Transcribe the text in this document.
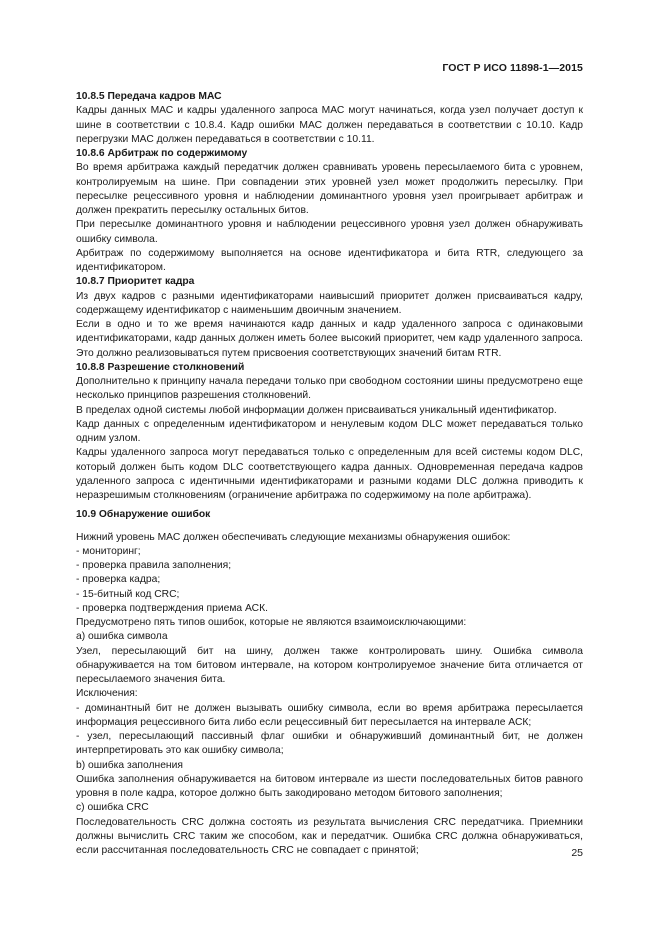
ГОСТ Р ИСО 11898-1—2015

10.8.5 Передача кадров МАС

Кадры данных МАС и кадры удаленного запроса МАС могут начинаться, когда узел получает доступ к шине в соответствии с 10.8.4. Кадр ошибки МАС должен передаваться в соответствии с 10.10. Кадр перегрузки МАС должен передаваться в соответствии с 10.11.

10.8.6 Арбитраж по содержимому

Во время арбитража каждый передатчик должен сравнивать уровень пересылаемого бита с уровнем, контролируемым на шине. При совпадении этих уровней узел может продолжить пересылку. При пересылке рецессивного уровня и наблюдении доминантного уровня узел проигрывает арбитраж и должен прекратить пересылку остальных битов.

При пересылке доминантного уровня и наблюдении рецессивного уровня узел должен обнаруживать ошибку символа.

Арбитраж по содержимому выполняется на основе идентификатора и бита RTR, следующего за идентификатором.

10.8.7 Приоритет кадра

Из двух кадров с разными идентификаторами наивысший приоритет должен присваиваться кадру, содержащему идентификатор с наименьшим двоичным значением.

Если в одно и то же время начинаются кадр данных и кадр удаленного запроса с одинаковыми идентификаторами, кадр данных должен иметь более высокий приоритет, чем кадр удаленного запроса. Это должно реализовываться путем присвоения соответствующих значений битам RTR.

10.8.8 Разрешение столкновений

Дополнительно к принципу начала передачи только при свободном состоянии шины предусмотрено еще несколько принципов разрешения столкновений.

В пределах одной системы любой информации должен присваиваться уникальный идентификатор.

Кадр данных с определенным идентификатором и ненулевым кодом DLC может передаваться только одним узлом.

Кадры удаленного запроса могут передаваться только с определенным для всей системы кодом DLC, который должен быть кодом DLC соответствующего кадра данных. Одновременная передача кадров удаленного запроса с идентичными идентификаторами и разными кодами DLC должна приводить к неразрешимым столкновениям (ограничение арбитража по содержимому на поле арбитража).

10.9 Обнаружение ошибок

Нижний уровень МАС должен обеспечивать следующие механизмы обнаружения ошибок:

- мониторинг;

- проверка правила заполнения;

- проверка кадра;

- 15-битный код CRC;

- проверка подтверждения приема АСК.

Предусмотрено пять типов ошибок, которые не являются взаимоисключающими:

а) ошибка символа

Узел, пересылающий бит на шину, должен также контролировать шину. Ошибка символа обнаруживается на том битовом интервале, на котором контролируемое значение бита отличается от пересылаемого значения бита.

Исключения:

- доминантный бит не должен вызывать ошибку символа, если во время арбитража пересылается информация рецессивного бита либо если рецессивный бит пересылается на интервале АСК;

- узел, пересылающий пассивный флаг ошибки и обнаруживший доминантный бит, не должен интерпретировать это как ошибку символа;

b) ошибка заполнения

Ошибка заполнения обнаруживается на битовом интервале из шести последовательных битов равного уровня в поле кадра, которое должно быть закодировано методом битового заполнения;

c) ошибка CRC

Последовательность CRC должна состоять из результата вычисления CRC передатчика. Приемники должны вычислить CRC таким же способом, как и передатчик. Ошибка CRC должна обнаруживаться, если рассчитанная последовательность CRC не совпадает с принятой;	25
